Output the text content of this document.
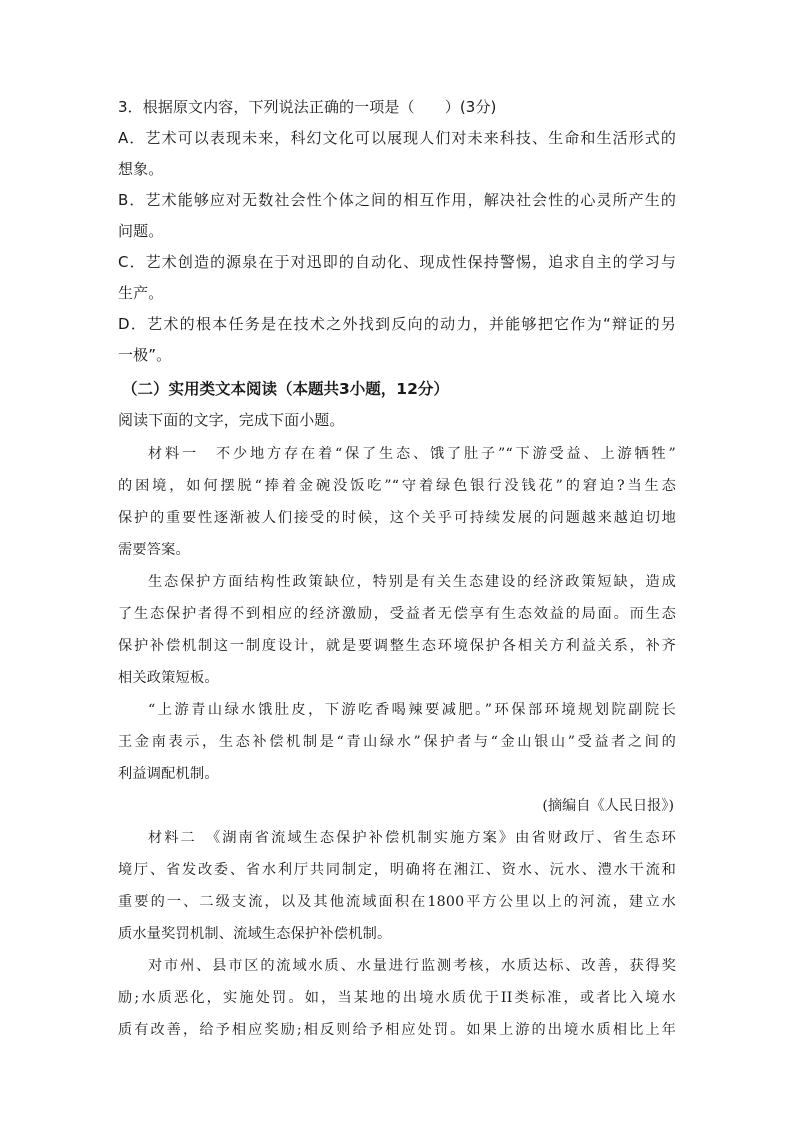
3．根据原文内容，下列说法正确的一项是（　　）(3分)
A．艺术可以表现未来，科幻文化可以展现人们对未来科技、生命和生活形式的
想象。
B．艺术能够应对无数社会性个体之间的相互作用，解决社会性的心灵所产生的
问题。
C．艺术创造的源泉在于对迅即的自动化、现成性保持警惕，追求自主的学习与
生产。
D．艺术的根本任务是在技术之外找到反向的动力，并能够把它作为“辩证的另
一极”。
（二）实用类文本阅读（本题共3小题，12分）
阅读下面的文字，完成下面小题。
材料一　不少地方存在着“保了生态、饿了肚子”“下游受益、上游牺牲”
的困境，如何摆脱“捧着金碗没饭吃”“守着绿色银行没钱花”的窘迫?当生态
保护的重要性逐渐被人们接受的时候，这个关乎可持续发展的问题越来越迫切地
需要答案。
生态保护方面结构性政策缺位，特别是有关生态建设的经济政策短缺，造成
了生态保护者得不到相应的经济激励，受益者无偿享有生态效益的局面。而生态
保护补偿机制这一制度设计，就是要调整生态环境保护各相关方利益关系，补齐
相关政策短板。
“上游青山绿水饿肚皮，下游吃香喝辣要减肥。”环保部环境规划院副院长
王金南表示，生态补偿机制是“青山绿水”保护者与“金山银山”受益者之间的
利益调配机制。
(摘编自《人民日报》)
材料二　《湖南省流域生态保护补偿机制实施方案》由省财政厅、省生态环
境厅、省发改委、省水利厅共同制定，明确将在湘江、资水、沅水、澧水干流和
重要的一、二级支流，以及其他流域面积在1800平方公里以上的河流，建立水
质水量奖罚机制、流域生态保护补偿机制。
对市州、县市区的流域水质、水量进行监测考核，水质达标、改善，获得奖
励;水质恶化，实施处罚。如，当某地的出境水质优于II类标准，或者比入境水
质有改善，给予相应奖励;相反则给予相应处罚。如果上游的出境水质相比上年
